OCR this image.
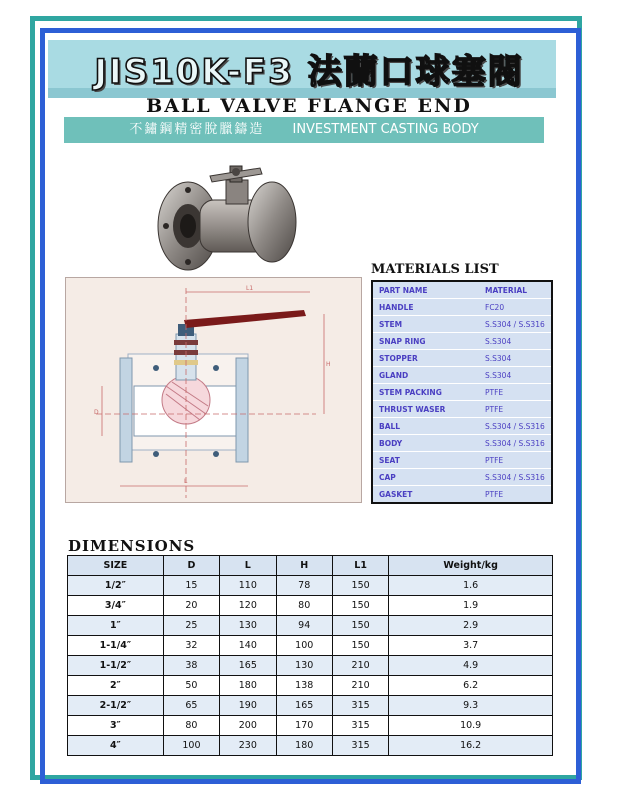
JIS10K-F3 法蘭口球塞閥
BALL VALVE FLANGE END
不鏽鋼精密脫臘鑄造 INVESTMENT CASTING BODY
L1
H
D
L
MATERIALS LIST
PART NAME	MATERIAL
HANDLE	FC20
STEM	S.S304 / S.S316
SNAP RING	S.S304
STOPPER	S.S304
GLAND	S.S304
STEM PACKING	PTFE
THRUST WASER	PTFE
BALL	S.S304 / S.S316
BODY	S.S304 / S.S316
SEAT	PTFE
CAP	S.S304 / S.S316
GASKET	PTFE
DIMENSIONS
SIZE	D	L	H	L1	Weight/kg
1/2″	15	110	78	150	1.6
3/4″	20	120	80	150	1.9
1″	25	130	94	150	2.9
1-1/4″	32	140	100	150	3.7
1-1/2″	38	165	130	210	4.9
2″	50	180	138	210	6.2
2-1/2″	65	190	165	315	9.3
3″	80	200	170	315	10.9
4″	100	230	180	315	16.2
